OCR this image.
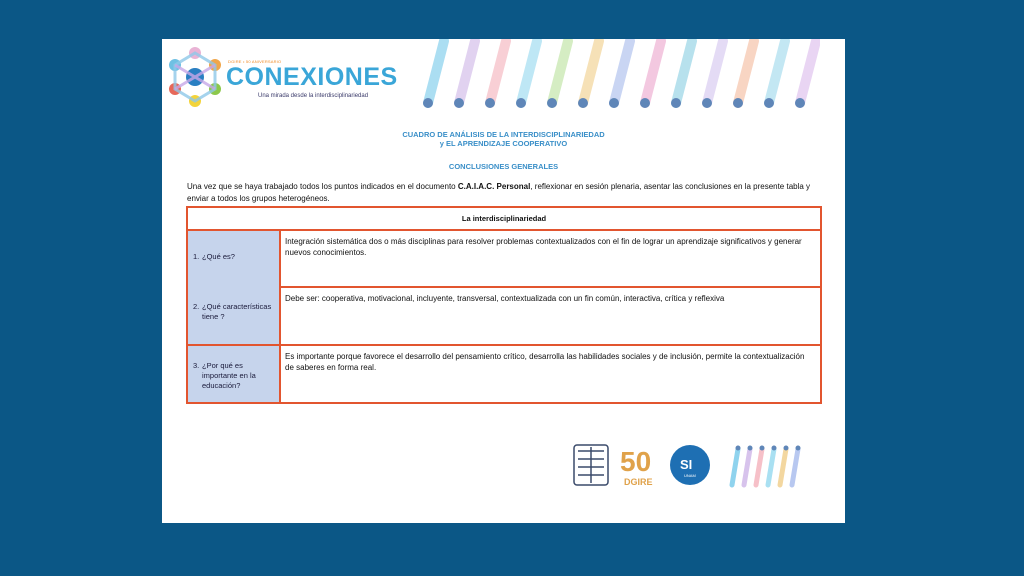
DGIRE • 50 ANIVERSARIO
CONEXIONES
Una mirada desde la interdisciplinariedad
CUADRO DE ANÁLISIS DE LA INTERDISCIPLINARIEDAD
y EL APRENDIZAJE COOPERATIVO
CONCLUSIONES GENERALES
Una vez que se haya trabajado todos los puntos indicados en el documento C.A.I.A.C. Personal, reflexionar en sesión plenaria, asentar las conclusiones en la presente tabla y enviar a todos los grupos heterogéneos.
La interdisciplinariedad
1. ¿Qué es?
Integración sistemática dos o más disciplinas para resolver problemas contextualizados con el fin de lograr un aprendizaje significativos y generar nuevos conocimientos.
2. ¿Qué características tiene ?
Debe ser: cooperativa, motivacional, incluyente, transversal, contextualizada con un fin común, interactiva, crítica y reflexiva
3. ¿Por qué es importante en la educación?
Es importante porque favorece el desarrollo del pensamiento crítico, desarrolla las habilidades sociales y de inclusión, permite la contextualización de saberes en forma real.
50
DGIRE
SI
UNAM
